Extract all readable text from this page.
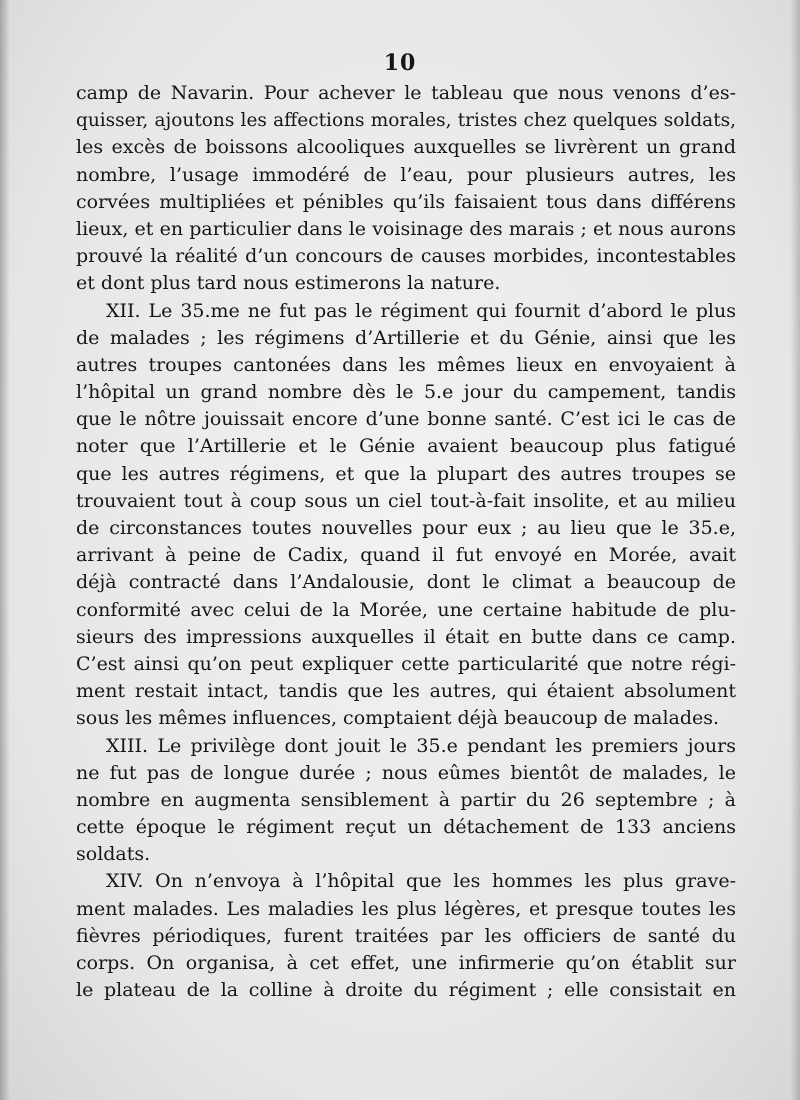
10
camp de Navarin. Pour achever le tableau que nous venons d’es-
quisser, ajoutons les affections morales, tristes chez quelques soldats,
les excès de boissons alcooliques auxquelles se livrèrent un grand
nombre, l’usage immodéré de l’eau, pour plusieurs autres, les
corvées multipliées et pénibles qu’ils faisaient tous dans différens
lieux, et en particulier dans le voisinage des marais ; et nous aurons
prouvé la réalité d’un concours de causes morbides, incontestables
et dont plus tard nous estimerons la nature.
XII. Le 35.me ne fut pas le régiment qui fournit d’abord le plus
de malades ; les régimens d’Artillerie et du Génie, ainsi que les
autres troupes cantonées dans les mêmes lieux en envoyaient à
l’hôpital un grand nombre dès le 5.e jour du campement, tandis
que le nôtre jouissait encore d’une bonne santé. C’est ici le cas de
noter que l’Artillerie et le Génie avaient beaucoup plus fatigué
que les autres régimens, et que la plupart des autres troupes se
trouvaient tout à coup sous un ciel tout-à-fait insolite, et au milieu
de circonstances toutes nouvelles pour eux ; au lieu que le 35.e,
arrivant à peine de Cadix, quand il fut envoyé en Morée, avait
déjà contracté dans l’Andalousie, dont le climat a beaucoup de
conformité avec celui de la Morée, une certaine habitude de plu-
sieurs des impressions auxquelles il était en butte dans ce camp.
C’est ainsi qu’on peut expliquer cette particularité que notre régi-
ment restait intact, tandis que les autres, qui étaient absolument
sous les mêmes influences, comptaient déjà beaucoup de malades.
XIII. Le privilège dont jouit le 35.e pendant les premiers jours
ne fut pas de longue durée ; nous eûmes bientôt de malades, le
nombre en augmenta sensiblement à partir du 26 septembre ; à
cette époque le régiment reçut un détachement de 133 anciens
soldats.
XIV. On n’envoya à l’hôpital que les hommes les plus grave-
ment malades. Les maladies les plus légères, et presque toutes les
fièvres périodiques, furent traitées par les officiers de santé du
corps. On organisa, à cet effet, une infirmerie qu’on établit sur
le plateau de la colline à droite du régiment ; elle consistait en
